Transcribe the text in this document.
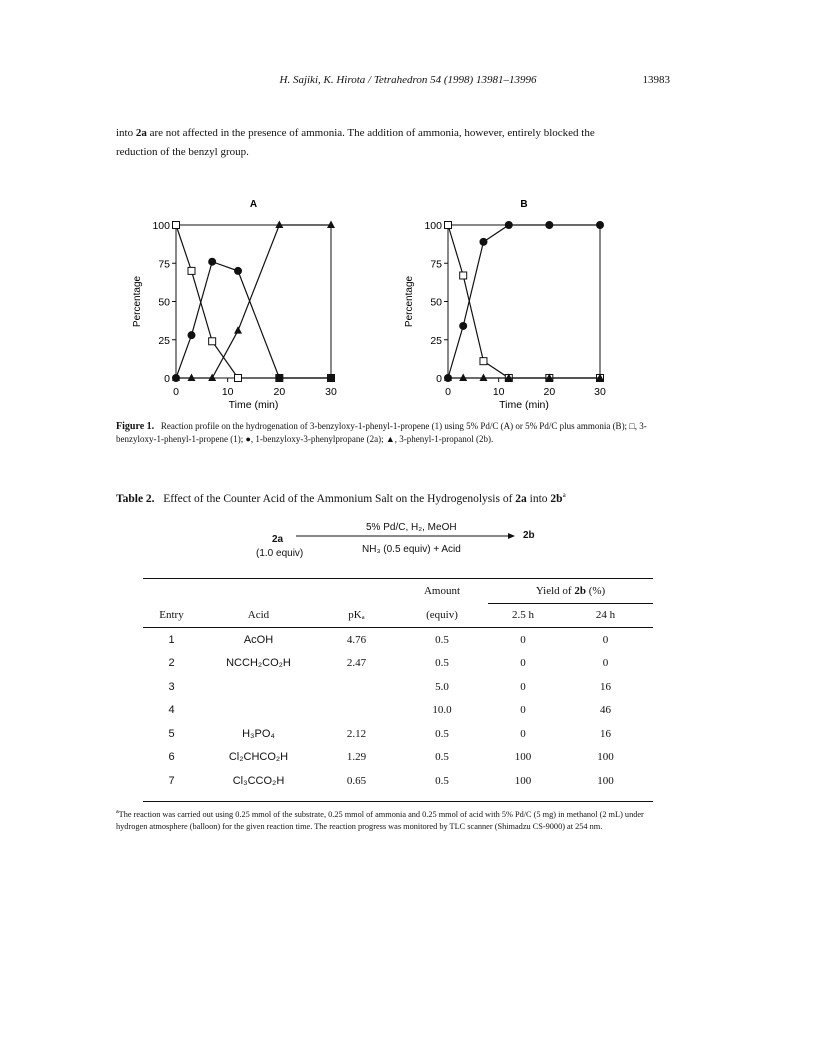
H. Sajiki, K. Hirota / Tetrahedron 54 (1998) 13981–13996	13983
into 2a are not affected in the presence of ammonia. The addition of ammonia, however, entirely blocked the
reduction of the benzyl group.
A
0
25
50
75
100
0	10	20	30
Time (min)
Percentage
B
0
25
50
75
100
0	10	20	30
Time (min)
Percentage
Figure 1. Reaction profile on the hydrogenation of 3-benzyloxy-1-phenyl-1-propene (1) using 5% Pd/C (A) or 5% Pd/C plus ammonia (B); □, 3-benzyloxy-1-phenyl-1-propene (1); ●, 1-benzyloxy-3-phenylpropane (2a); ▲, 3-phenyl-1-propanol (2b).
Table 2. Effect of the Counter Acid of the Ammonium Salt on the Hydrogenolysis of 2a into $2b^a$
2a
(1.0 equiv)
5% Pd/C, H₂, MeOH
NH₃ (0.5 equiv) + Acid
2b
			Amount	Yield of 2b (%)	
Entry	Acid	pKₐ	(equiv)	2.5 h	24 h
1	AcOH	4.76	0.5	0	0
2	NCCH₂CO₂H	2.47	0.5	0	0
3			5.0	0	16
4			10.0	0	46
5	H₃PO₄	2.12	0.5	0	16
6	Cl₂CHCO₂H	1.29	0.5	100	100
7	Cl₃CCO₂H	0.65	0.5	100	100
$^a$The reaction was carried out using 0.25 mmol of the substrate, 0.25 mmol of ammonia and 0.25 mmol of acid with 5% Pd/C (5 mg) in methanol (2 mL) under hydrogen atmosphere (balloon) for the given reaction time. The reaction progress was monitored by TLC scanner (Shimadzu CS-9000) at 254 nm.
